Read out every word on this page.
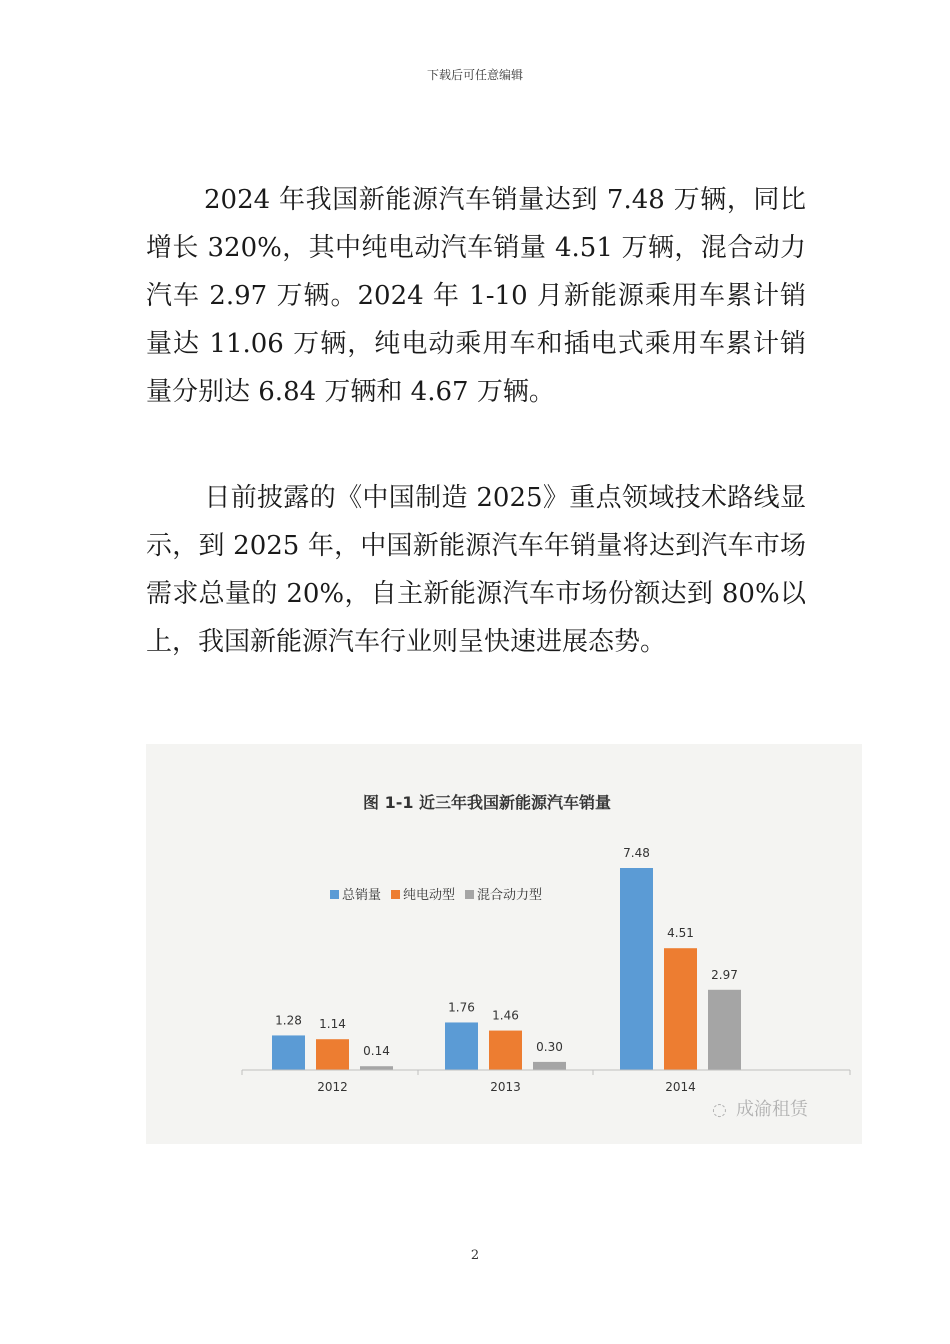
下载后可任意编辑

2024 年我国新能源汽车销量达到 7.48 万辆，同比增长 320%，其中纯电动汽车销量 4.51 万辆，混合动力汽车 2.97 万辆。2024 年 1-10 月新能源乘用车累计销量达 11.06 万辆，纯电动乘用车和插电式乘用车累计销量分别达 6.84 万辆和 4.67 万辆。

日前披露的《中国制造 2025》重点领域技术路线显示，到 2025 年，中国新能源汽车年销量将达到汽车市场需求总量的 20%，自主新能源汽车市场份额达到 80%以上，我国新能源汽车行业则呈快速进展态势。

图 1-1 近三年我国新能源汽车销量
总销量 纯电动型 混合动力型
1.28 1.14
0.14
1.76
1.46
0.30
7.48
4.51
2.97
2012	2013	2014
◌ 成渝租赁
2
